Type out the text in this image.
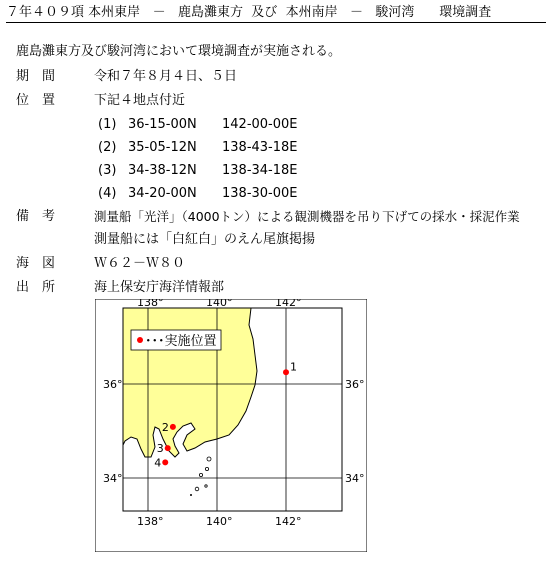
７年４０９項 本州東岸 － 鹿島灘東方 及び 本州南岸 － 駿河湾 環境調査
鹿島灘東方及び駿河湾において環境調査が実施される。
期　間	令和７年８月４日、５日
位　置	下記４地点付近
(1) 36-15-00N 142-00-00E
(2) 35-05-12N 138-43-18E
(3) 34-38-12N 138-34-18E
(4) 34-20-00N 138-30-00E
備　考	測量船「光洋」（4000トン）による観測機器を吊り下げての採水・採泥作業
測量船には「白紅白」のえん尾旗掲揚
海　図	Ｗ６２－Ｗ８０
出　所	海上保安庁海洋情報部
138°
138°
140°
140°
142°
142°
36°	36°
34°	34°
1
2
3
4
･･･実施位置
